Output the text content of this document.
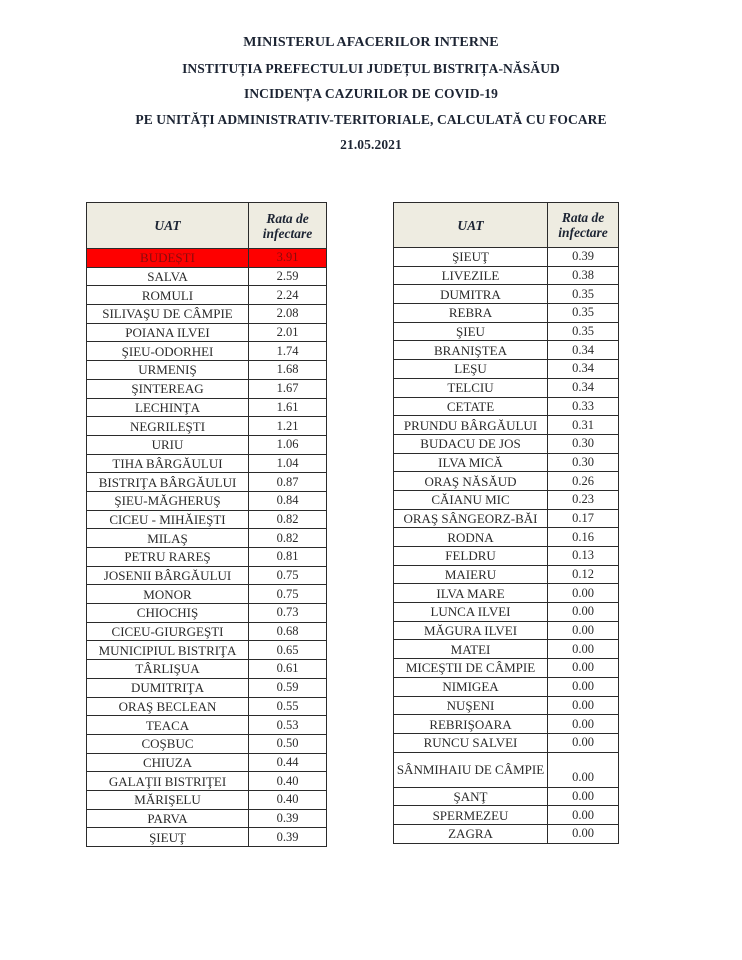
MINISTERUL AFACERILOR INTERNE
INSTITUȚIA PREFECTULUI JUDEȚUL BISTRIȚA-NĂSĂUD
INCIDENȚA CAZURILOR DE COVID-19
PE UNITĂȚI ADMINISTRATIV-TERITORIALE, CALCULATĂ CU FOCARE
21.05.2021
UAT	Rata de infectare
BUDEȘTI	3.91
SALVA	2.59
ROMULI	2.24
SILIVAŞU DE CÂMPIE	2.08
POIANA ILVEI	2.01
ŞIEU-ODORHEI	1.74
URMENIŞ	1.68
ŞINTEREAG	1.67
LECHINŢA	1.61
NEGRILEŞTI	1.21
URIU	1.06
TIHA BÂRGĂULUI	1.04
BISTRIŢA BÂRGĂULUI	0.87
ŞIEU-MĂGHERUŞ	0.84
CICEU - MIHĂIEŞTI	0.82
MILAŞ	0.82
PETRU RAREŞ	0.81
JOSENII BÂRGĂULUI	0.75
MONOR	0.75
CHIOCHIŞ	0.73
CICEU-GIURGEŞTI	0.68
MUNICIPIUL BISTRIŢA	0.65
TÂRLIŞUA	0.61
DUMITRIŢA	0.59
ORAŞ BECLEAN	0.55
TEACA	0.53
COŞBUC	0.50
CHIUZA	0.44
GALAŢII BISTRIŢEI	0.40
MĂRIŞELU	0.40
PARVA	0.39
ŞIEUŢ	0.39
UAT	Rata de infectare
ŞIEUŢ	0.39
LIVEZILE	0.38
DUMITRA	0.35
REBRA	0.35
ŞIEU	0.35
BRANIŞTEA	0.34
LEŞU	0.34
TELCIU	0.34
CETATE	0.33
PRUNDU BÂRGĂULUI	0.31
BUDACU DE JOS	0.30
ILVA MICĂ	0.30
ORAŞ NĂSĂUD	0.26
CĂIANU MIC	0.23
ORAŞ SÂNGEORZ-BĂI	0.17
RODNA	0.16
FELDRU	0.13
MAIERU	0.12
ILVA MARE	0.00
LUNCA ILVEI	0.00
MĂGURA ILVEI	0.00
MATEI	0.00
MICEŞTII DE CÂMPIE	0.00
NIMIGEA	0.00
NUŞENI	0.00
REBRIŞOARA	0.00
RUNCU SALVEI	0.00
SÂNMIHAIU DE CÂMPIE	0.00
ŞANŢ	0.00
SPERMEZEU	0.00
ZAGRA	0.00
